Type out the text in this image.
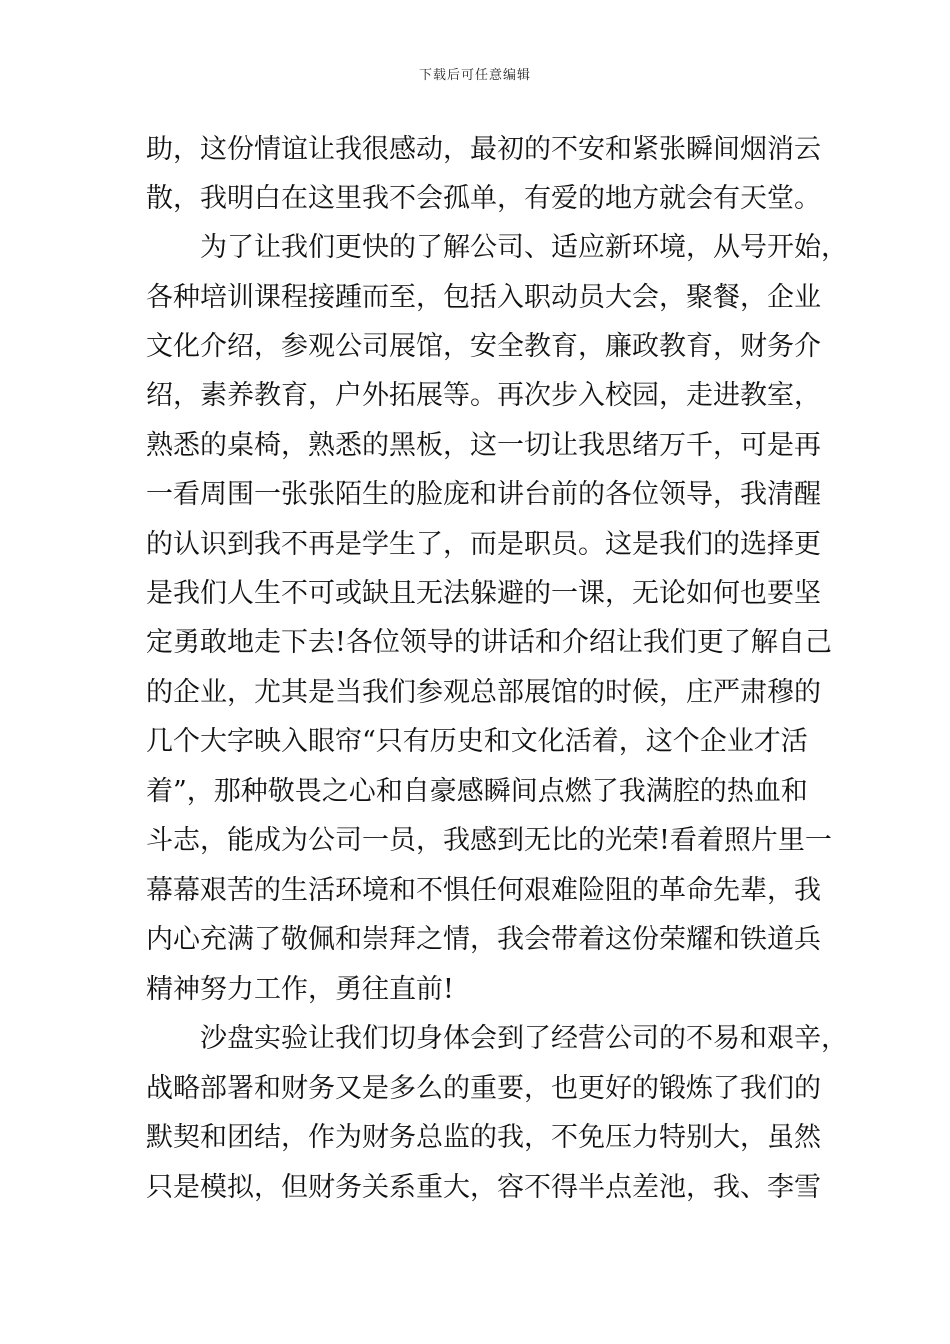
下载后可任意编辑
助，这份情谊让我很感动，最初的不安和紧张瞬间烟消云
散，我明白在这里我不会孤单，有爱的地方就会有天堂。
　　为了让我们更快的了解公司、适应新环境，从号开始，
各种培训课程接踵而至，包括入职动员大会，聚餐，企业
文化介绍，参观公司展馆，安全教育，廉政教育，财务介
绍，素养教育，户外拓展等。再次步入校园，走进教室，
熟悉的桌椅，熟悉的黑板，这一切让我思绪万千，可是再
一看周围一张张陌生的脸庞和讲台前的各位领导，我清醒
的认识到我不再是学生了，而是职员。这是我们的选择更
是我们人生不可或缺且无法躲避的一课，无论如何也要坚
定勇敢地走下去!各位领导的讲话和介绍让我们更了解自己
的企业，尤其是当我们参观总部展馆的时候，庄严肃穆的
几个大字映入眼帘“只有历史和文化活着，这个企业才活
着”，那种敬畏之心和自豪感瞬间点燃了我满腔的热血和
斗志，能成为公司一员，我感到无比的光荣!看着照片里一
幕幕艰苦的生活环境和不惧任何艰难险阻的革命先辈，我
内心充满了敬佩和崇拜之情，我会带着这份荣耀和铁道兵
精神努力工作，勇往直前!
　　沙盘实验让我们切身体会到了经营公司的不易和艰辛，
战略部署和财务又是多么的重要，也更好的锻炼了我们的
默契和团结，作为财务总监的我，不免压力特别大，虽然
只是模拟，但财务关系重大，容不得半点差池，我、李雪
